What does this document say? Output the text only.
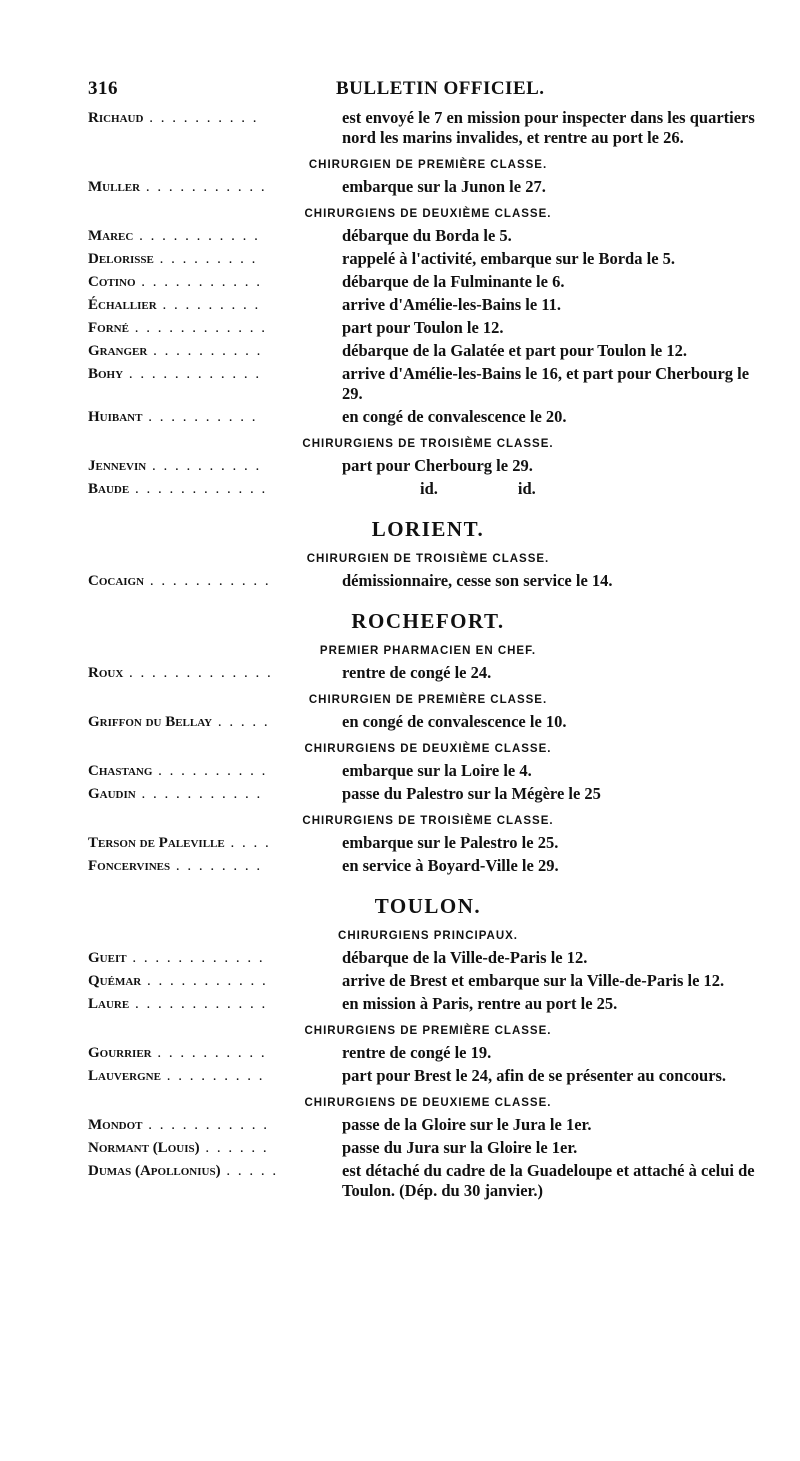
316	BULLETIN OFFICIEL.
Richaud . . . . . . . . . .	est envoyé le 7 en mission pour inspecter dans les quartiers nord les marins invalides, et rentre au port le 26.
CHIRURGIEN DE PREMIÈRE CLASSE.
Muller . . . . . . . . . . .	embarque sur la Junon le 27.
CHIRURGIENS DE DEUXIÈME CLASSE.
Marec . . . . . . . . . . .	débarque du Borda le 5.
Delorisse . . . . . . . . .	rappelé à l'activité, embarque sur le Borda le 5.
Cotino . . . . . . . . . . .	débarque de la Fulminante le 6.
Échallier . . . . . . . . .	arrive d'Amélie-les-Bains le 11.
Forné . . . . . . . . . . . .	part pour Toulon le 12.
Granger . . . . . . . . . .	débarque de la Galatée et part pour Toulon le 12.
Bohy . . . . . . . . . . . .	arrive d'Amélie-les-Bains le 16, et part pour Cherbourg le 29.
Huibant . . . . . . . . . .	en congé de convalescence le 20.
CHIRURGIENS DE TROISIÈME CLASSE.
Jennevin . . . . . . . . . .	part pour Cherbourg le 29.
Baude . . . . . . . . . . . .	id.	id.
LORIENT.
CHIRURGIEN DE TROISIÈME CLASSE.
Cocaign . . . . . . . . . . .	démissionnaire, cesse son service le 14.
ROCHEFORT.
PREMIER PHARMACIEN EN CHEF.
Roux . . . . . . . . . . . . .	rentre de congé le 24.
CHIRURGIEN DE PREMIÈRE CLASSE.
Griffon du Bellay . . . . .	en congé de convalescence le 10.
CHIRURGIENS DE DEUXIÈME CLASSE.
Chastang . . . . . . . . . .	embarque sur la Loire le 4.
Gaudin . . . . . . . . . . .	passe du Palestro sur la Mégère le 25
CHIRURGIENS DE TROISIÈME CLASSE.
Terson de Paleville . . . .	embarque sur le Palestro le 25.
Foncervines . . . . . . . .	en service à Boyard-Ville le 29.
TOULON.
CHIRURGIENS PRINCIPAUX.
Gueit . . . . . . . . . . . .	débarque de la Ville-de-Paris le 12.
Quémar . . . . . . . . . . .	arrive de Brest et embarque sur la Ville-de-Paris le 12.
Laure . . . . . . . . . . . .	en mission à Paris, rentre au port le 25.
CHIRURGIENS DE PREMIÈRE CLASSE.
Gourrier . . . . . . . . . .	rentre de congé le 19.
Lauvergne . . . . . . . . .	part pour Brest le 24, afin de se présenter au concours.
CHIRURGIENS DE DEUXIEME CLASSE.
Mondot . . . . . . . . . . .	passe de la Gloire sur le Jura le 1er.
Normant (Louis) . . . . . .	passe du Jura sur la Gloire le 1er.
Dumas (Apollonius) . . . . .	est détaché du cadre de la Guadeloupe et attaché à celui de Toulon. (Dép. du 30 janvier.)
